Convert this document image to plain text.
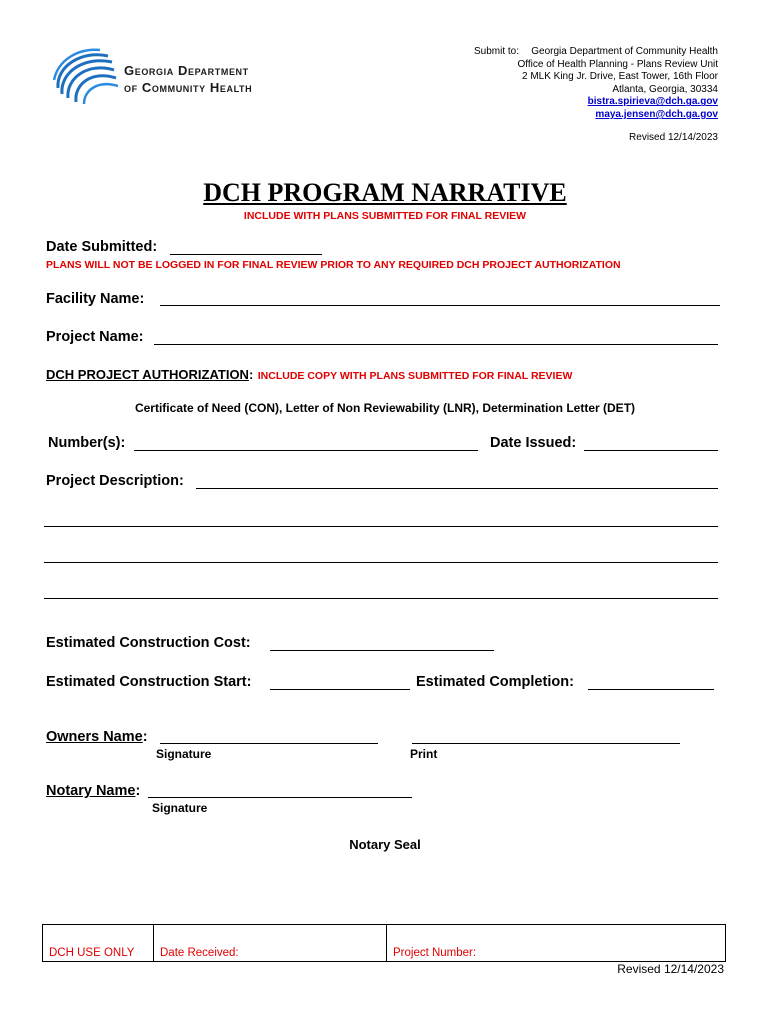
Georgia Department
of Community Health
Submit to:	Georgia Department of Community Health
Office of Health Planning - Plans Review Unit
2 MLK King Jr. Drive, East Tower, 16th Floor
Atlanta, Georgia, 30334
bistra.spirieva@dch.ga.gov
maya.jensen@dch.ga.gov
Revised 12/14/2023
DCH PROGRAM NARRATIVE
INCLUDE WITH PLANS SUBMITTED FOR FINAL REVIEW
Date Submitted:
PLANS WILL NOT BE LOGGED IN FOR FINAL REVIEW PRIOR TO ANY REQUIRED DCH PROJECT AUTHORIZATION
Facility Name:
Project Name:
DCH PROJECT AUTHORIZATION: INCLUDE COPY WITH PLANS SUBMITTED FOR FINAL REVIEW
Certificate of Need (CON), Letter of Non Reviewability (LNR), Determination Letter (DET)
Number(s):	Date Issued:
Project Description:
Estimated Construction Cost:
Estimated Construction Start:	Estimated Completion:
Owners Name:
Signature	Print
Notary Name:
Signature
Notary Seal
DCH USE ONLY Date Received:	Project Number:
Revised 12/14/2023
